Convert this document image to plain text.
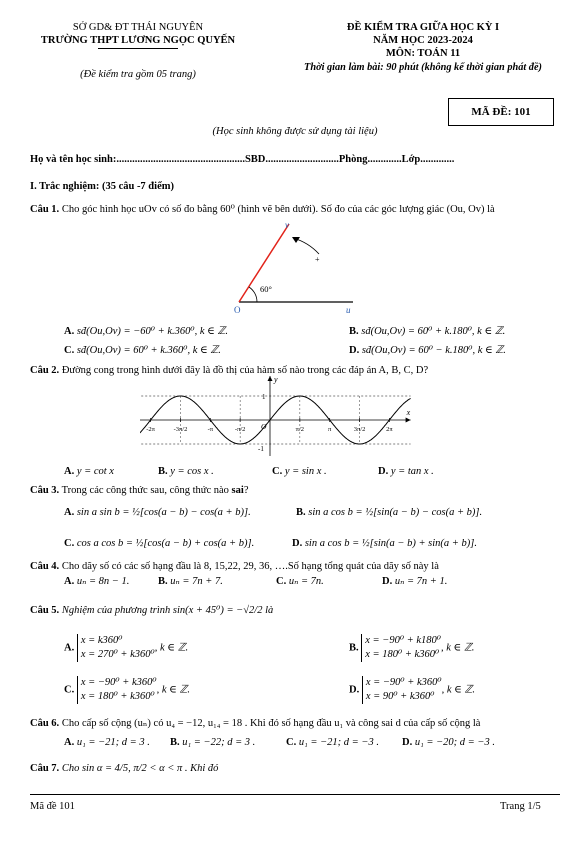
SỞ GD& ĐT THÁI NGUYÊN
TRƯỜNG THPT LƯƠNG NGỌC QUYẾN
(Đề kiểm tra gồm 05 trang)
ĐỀ KIỂM TRA GIỮA HỌC KỲ I
NĂM HỌC 2023-2024
MÔN: TOÁN 11
Thời gian làm bài: 90 phút (không kể thời gian phát đề)
MÃ ĐỀ: 101
(Học sinh không được sử dụng tài liệu)
Họ và tên học sinh:.................................................SBD............................Phòng.............Lớp.............
I. Trắc nghiệm: (35 câu -7 điểm)
Câu 1. Cho góc hình học uOv có số đo bằng 60⁰ (hình vẽ bên dưới). Số đo của các góc lượng giác (Ou, Ov) là
O
v
u
60°
+
A. sđ(Ou,Ov) = −60⁰ + k.360⁰, k ∈ ℤ.	B. sđ(Ou,Ov) = 60⁰ + k.180⁰, k ∈ ℤ.
C. sđ(Ou,Ov) = 60⁰ + k.360⁰, k ∈ ℤ.	D. sđ(Ou,Ov) = 60⁰ − k.180⁰, k ∈ ℤ.
Câu 2. Đường cong trong hình dưới đây là đồ thị của hàm số nào trong các đáp án A, B, C, D?
x
y
1
-1
-2π	-3π/2	-π	-π/2 O	π/2	π	3π/2	2π
A. y = cot x	B. y = cos x .	C. y = sin x .	D. y = tan x .
Câu 3. Trong các công thức sau, công thức nào sai?
A. sin a sin b = ½[cos(a − b) − cos(a + b)].	B. sin a cos b = ½[sin(a − b) − cos(a + b)].
C. cos a cos b = ½[cos(a − b) + cos(a + b)].	D. sin a cos b = ½[sin(a − b) + sin(a + b)].
Câu 4. Cho dãy số có các số hạng đầu là 8, 15,22, 29, 36, ….Số hạng tổng quát của dãy số này là
A. uₙ = 8n − 1.	B. uₙ = 7n + 7.	C. uₙ = 7n.	D. uₙ = 7n + 1.
Câu 5. Nghiệm của phương trình sin(x + 45⁰) = −√2/2 là
A. x = k360⁰
x = 270⁰ + k360⁰, k ∈ ℤ.	B. x = −90⁰ + k180⁰
x = 180⁰ + k360⁰, k ∈ ℤ.
C. x = −90⁰ + k360⁰
x = 180⁰ + k360⁰, k ∈ ℤ.	D. x = −90⁰ + k360⁰
x = 90⁰ + k360⁰, k ∈ ℤ.
Câu 6. Cho cấp số cộng (uₙ) có u₄ = −12, u₁₄ = 18 . Khi đó số hạng đầu u₁ và công sai d của cấp số cộng là
A. u₁ = −21; d = 3 . B. u₁ = −22; d = 3 .	C. u₁ = −21; d = −3 . D. u₁ = −20; d = −3 .
Câu 7. Cho sin α = 4/5, π/2 < α < π . Khi đó
Mã đề 101	Trang 1/5
